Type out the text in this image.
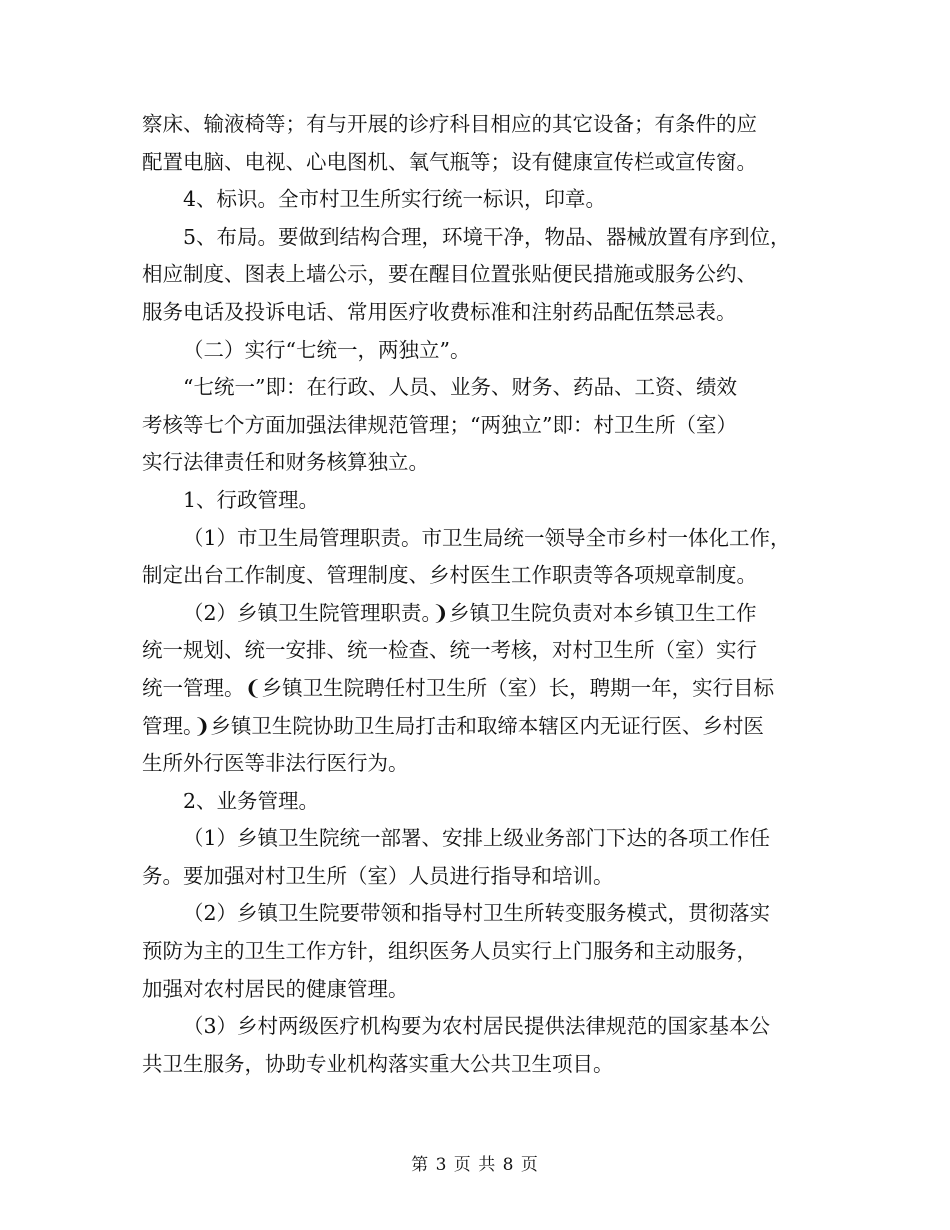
察床、输液椅等；有与开展的诊疗科目相应的其它设备；有条件的应
配置电脑、电视、心电图机、氧气瓶等；设有健康宣传栏或宣传窗。
4、标识。全市村卫生所实行统一标识，印章。
5、布局。要做到结构合理，环境干净，物品、器械放置有序到位，
相应制度、图表上墙公示，要在醒目位置张贴便民措施或服务公约、
服务电话及投诉电话、常用医疗收费标准和注射药品配伍禁忌表。
（二）实行“七统一，两独立”。
“七统一”即：在行政、人员、业务、财务、药品、工资、绩效
考核等七个方面加强法律规范管理；“两独立”即：村卫生所（室）
实行法律责任和财务核算独立。
1、行政管理。
（1）市卫生局管理职责。市卫生局统一领导全市乡村一体化工作，
制定出台工作制度、管理制度、乡村医生工作职责等各项规章制度。
（2）乡镇卫生院管理职责。❩乡镇卫生院负责对本乡镇卫生工作
统一规划、统一安排、统一检查、统一考核，对村卫生所（室）实行
统一管理。❨乡镇卫生院聘任村卫生所（室）长，聘期一年，实行目标
管理。❩乡镇卫生院协助卫生局打击和取缔本辖区内无证行医、乡村医
生所外行医等非法行医行为。
2、业务管理。
（1）乡镇卫生院统一部署、安排上级业务部门下达的各项工作任
务。要加强对村卫生所（室）人员进行指导和培训。
（2）乡镇卫生院要带领和指导村卫生所转变服务模式，贯彻落实
预防为主的卫生工作方针，组织医务人员实行上门服务和主动服务，
加强对农村居民的健康管理。
（3）乡村两级医疗机构要为农村居民提供法律规范的国家基本公
共卫生服务，协助专业机构落实重大公共卫生项目。
第 3 页 共 8 页
